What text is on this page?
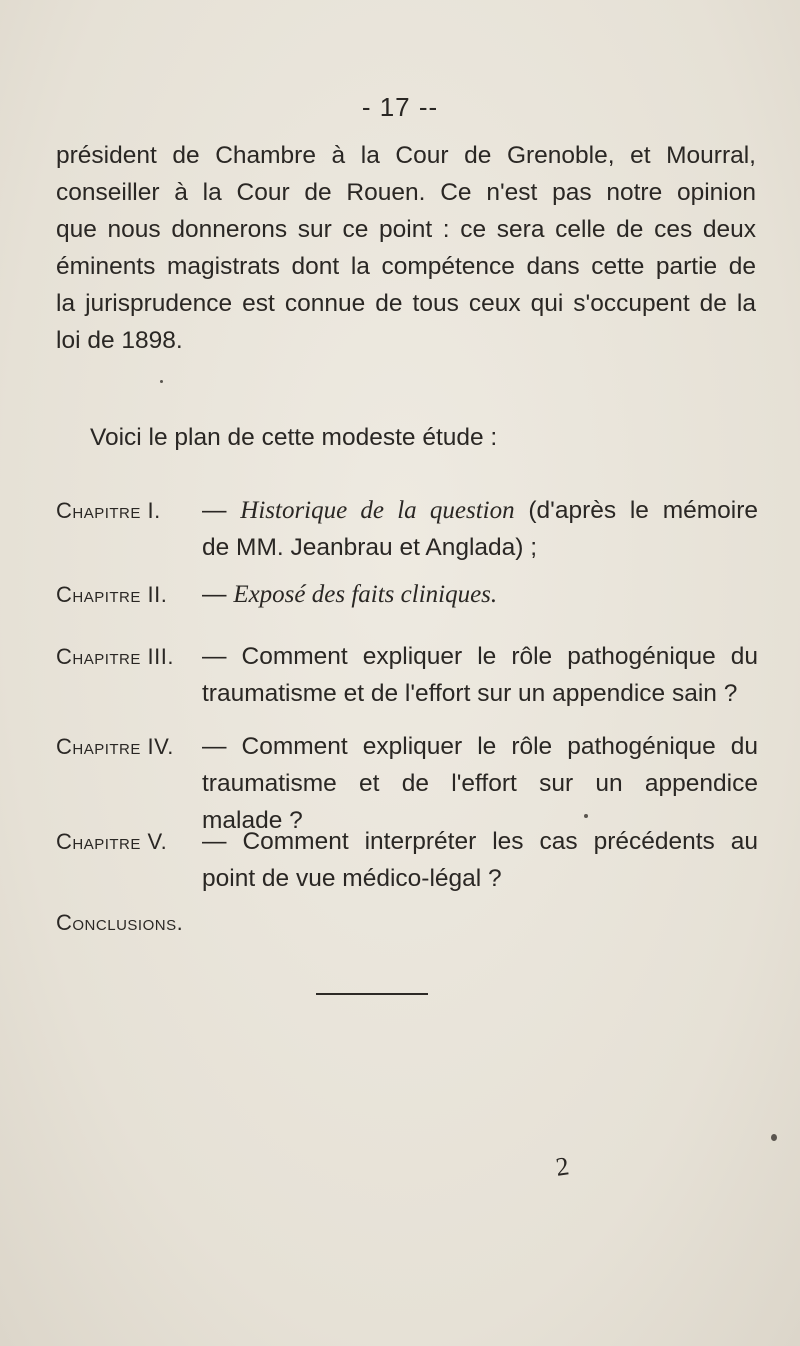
- 17 --
président de Chambre à la Cour de Grenoble, et Mourral,
conseiller à la Cour de Rouen. Ce n'est pas notre opinion
que nous donnerons sur ce point : ce sera celle de ces deux
éminents magistrats dont la compétence dans cette partie de
la jurisprudence est connue de tous ceux qui s'occupent de la
loi de 1898.
Voici le plan de cette modeste étude :
Chapitre I. — Historique de la question (d'après le mémoire
de MM. Jeanbrau et Anglada) ;
Chapitre II. — Exposé des faits cliniques.
Chapitre III. — Comment expliquer le rôle pathogénique du
traumatisme et de l'effort sur un appendice sain ?
Chapitre IV. — Comment expliquer le rôle pathogénique du
traumatisme et de l'effort sur un appendice
malade ?
Chapitre V. — Comment interpréter les cas précédents au
point de vue médico-légal ?
Conclusions.
2
